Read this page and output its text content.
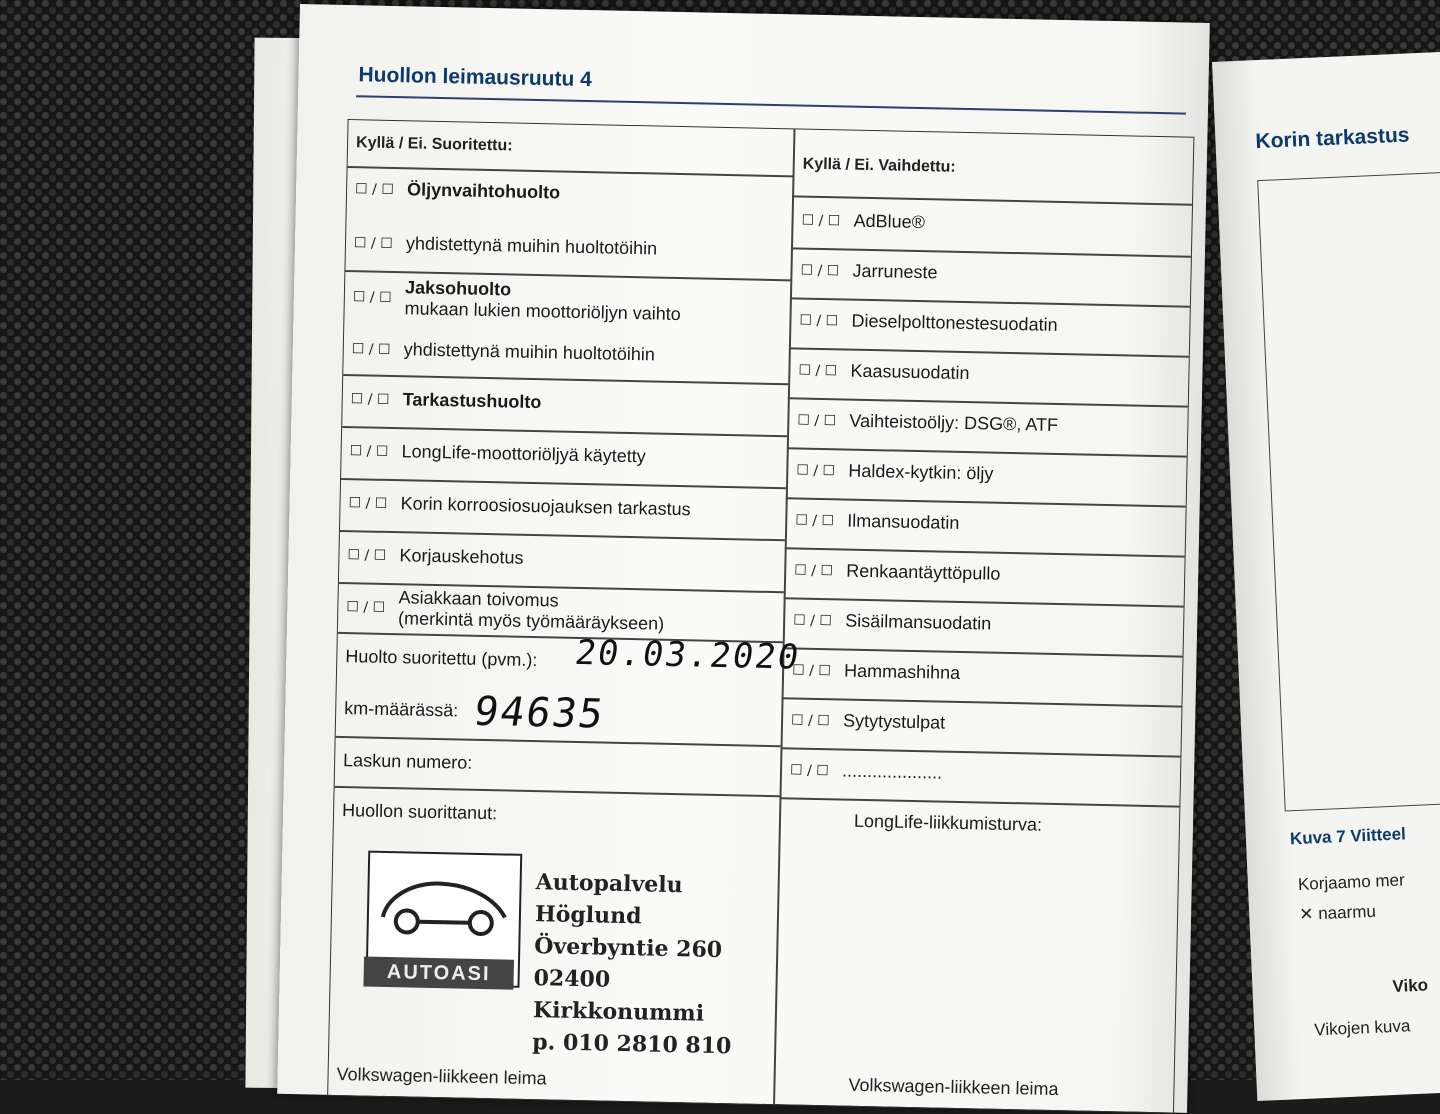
Huollon leimausruutu 4
Kyllä / Ei. Suoritettu:
Kyllä / Ei. Vaihdettu:
☐ / ☐ Öljynvaihtohuolto
☐ / ☐ yhdistettynä muihin huoltotöihin
☐ / ☐ Jaksohuolto
mukaan lukien moottoriöljyn vaihto
☐ / ☐ yhdistettynä muihin huoltotöihin
☐ / ☐ Tarkastushuolto
☐ / ☐ LongLife-moottoriöljyä käytetty
☐ / ☐ Korin korroosiosuojauksen tarkastus
☐ / ☐ Korjauskehotus
☐ / ☐ Asiakkaan toivomus
(merkintä myös työmääräykseen)
☐ / ☐ AdBlue®
☐ / ☐ Jarruneste
☐ / ☐ Dieselpolttonestesuodatin
☐ / ☐ Kaasusuodatin
☐ / ☐ Vaihteistoöljy: DSG®, ATF
☐ / ☐ Haldex-kytkin: öljy
☐ / ☐ Ilmansuodatin
☐ / ☐ Renkaantäyttöpullo
☐ / ☐ Sisäilmansuodatin
☐ / ☐ Hammashihna
☐ / ☐ Sytytystulpat
☐ / ☐ ....................
Huolto suoritettu (pvm.): 20.03.2020
km-määrässä: 94635
Laskun numero:
Huollon suorittanut:	LongLife-liikkumisturva:
AUTOASI
Autopalvelu Höglund
Överbyntie 260
02400 Kirkkonummi
p. 010 2810 810
Volkswagen-liikkeen leima	Volkswagen-liikkeen leima
Korin tarkastus
Kuva 7 Viitteel
Korjaamo mer
✕ naarmu
Viko
Vikojen kuva
